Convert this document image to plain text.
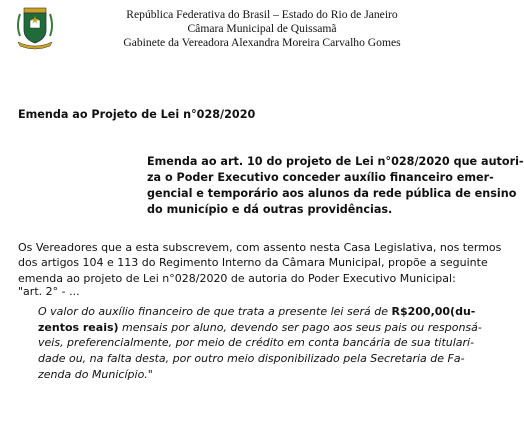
República Federativa do Brasil – Estado do Rio de Janeiro
Câmara Municipal de Quissamã
Gabinete da Vereadora Alexandra Moreira Carvalho Gomes
Emenda ao Projeto de Lei n°028/2020
Emenda ao art. 10 do projeto de Lei n°028/2020 que autori-
za o Poder Executivo conceder auxílio financeiro emer-
gencial e temporário aos alunos da rede pública de ensino
do município e dá outras providências.
Os Vereadores que a esta subscrevem, com assento nesta Casa Legislativa, nos termos
dos artigos 104 e 113 do Regimento Interno da Câmara Municipal, propõe a seguinte
emenda ao projeto de Lei n°028/2020 de autoria do Poder Executivo Municipal:
"art. 2° - ...
O valor do auxílio financeiro de que trata a presente lei será de R$200,00(du-
zentos reais) mensais por aluno, devendo ser pago aos seus pais ou responsá-
veis, preferencialmente, por meio de crédito em conta bancária de sua titulari-
dade ou, na falta desta, por outro meio disponibilizado pela Secretaria de Fa-
zenda do Município."
